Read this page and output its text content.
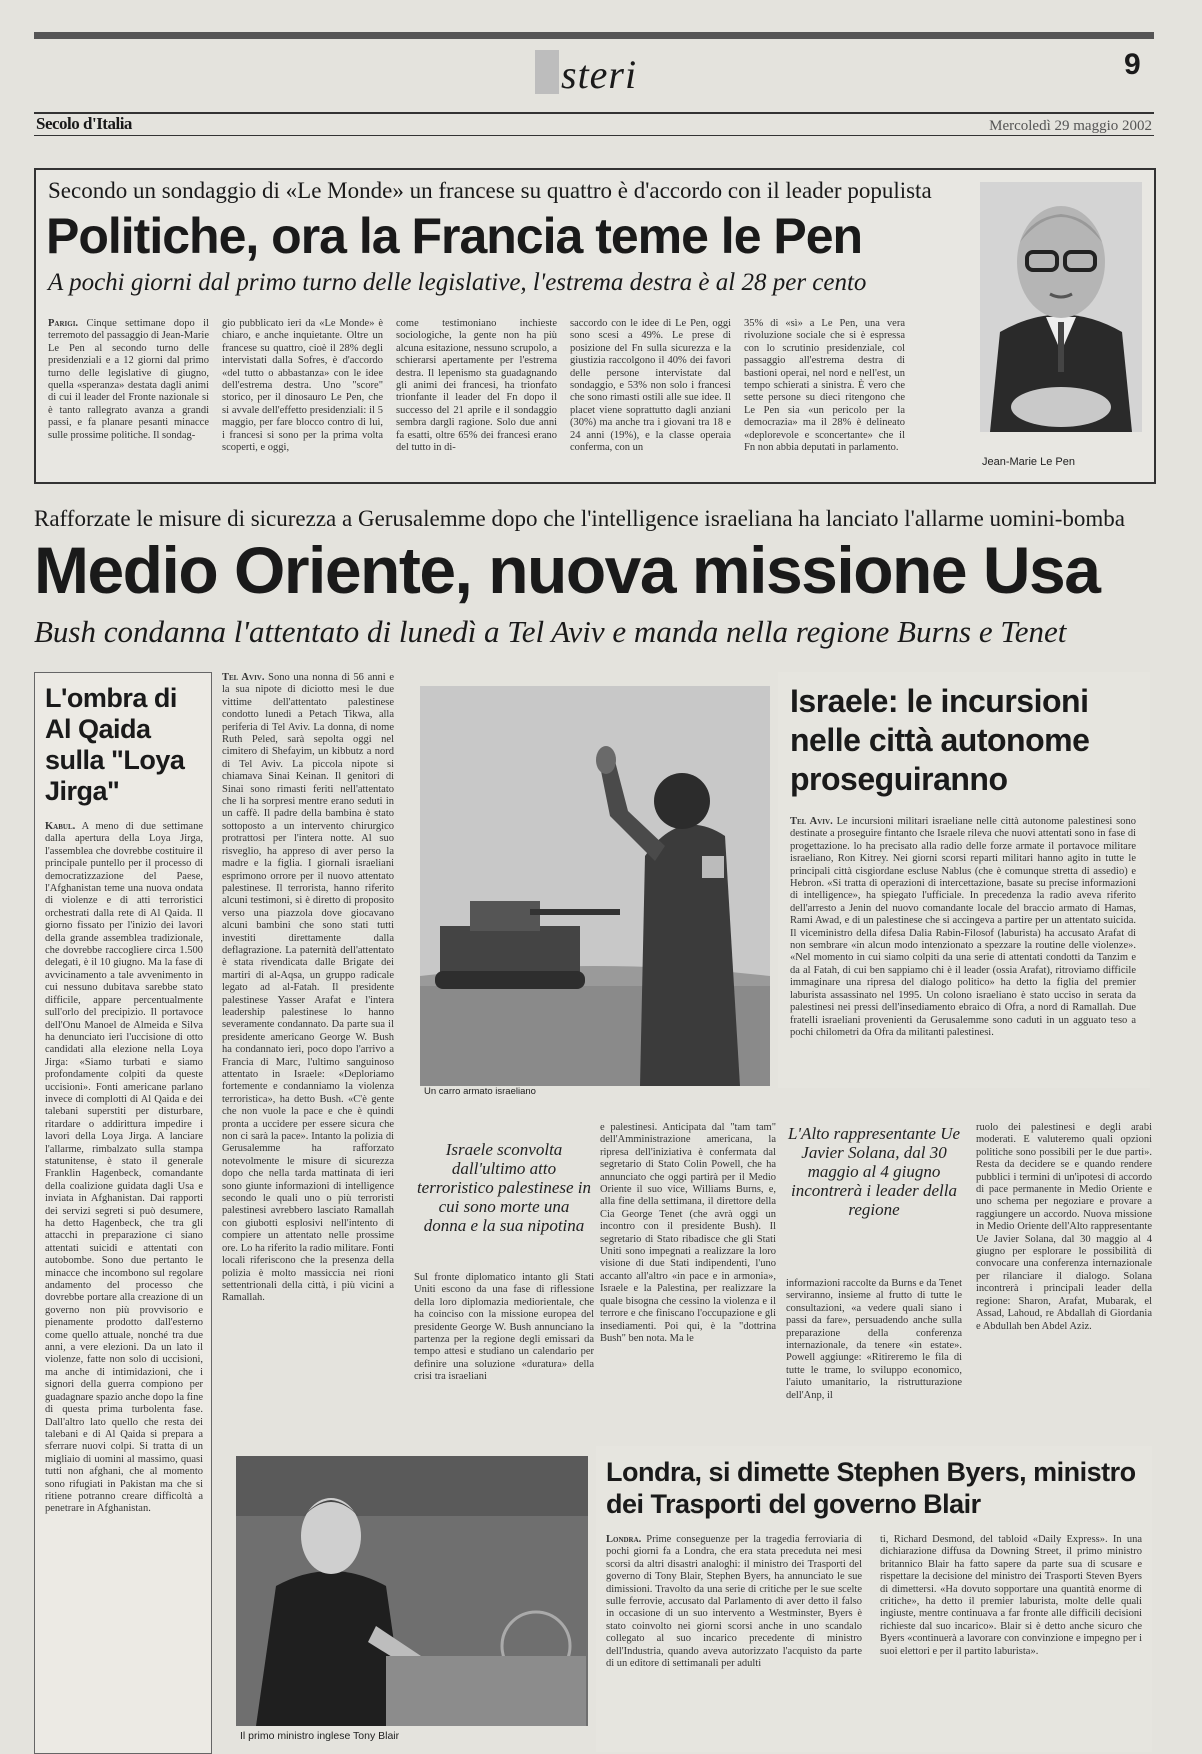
steri	9
Secolo d'Italia	Mercoledì 29 maggio 2002
Secondo un sondaggio di «Le Monde» un francese su quattro è d'accordo con il leader populista
Politiche, ora la Francia teme le Pen
A pochi giorni dal primo turno delle legislative, l'estrema destra è al 28 per cento
Parigi. Cinque settimane dopo il terremoto del passaggio di Jean-Marie Le Pen al secondo turno delle presidenziali e a 12 giorni dal primo turno delle legislative di giugno, quella «speranza» destata dagli animi di cui il leader del Fronte nazionale si è tanto rallegrato avanza a grandi passi, e fa planare pesanti minacce sulle prossime politiche. Il sondag-
gio pubblicato ieri da «Le Monde» è chiaro, e anche inquietante. Oltre un francese su quattro, cioè il 28% degli intervistati dalla Sofres, è d'accordo «del tutto o abbastanza» con le idee dell'estrema destra. Uno "score" storico, per il dinosauro Le Pen, che si avvale dell'effetto presidenziali: il 5 maggio, per fare blocco contro di lui, i francesi si sono per la prima volta scoperti, e oggi,
come testimoniano inchieste sociologiche, la gente non ha più alcuna esitazione, nessuno scrupolo, a schierarsi apertamente per l'estrema destra. Il lepenismo sta guadagnando gli animi dei francesi, ha trionfato trionfante il leader del Fn dopo il successo del 21 aprile e il sondaggio sembra dargli ragione. Solo due anni fa esatti, oltre 65% dei francesi erano del tutto in di-
saccordo con le idee di Le Pen, oggi sono scesi a 49%. Le prese di posizione del Fn sulla sicurezza e la giustizia raccolgono il 40% dei favori delle persone intervistate dal sondaggio, e 53% non solo i francesi che sono rimasti ostili alle sue idee. Il placet viene soprattutto dagli anziani (30%) ma anche tra i giovani tra 18 e 24 anni (19%), e la classe operaia conferma, con un
35% di «sì» a Le Pen, una vera rivoluzione sociale che si è espressa con lo scrutinio presidenziale, col passaggio all'estrema destra di bastioni operai, nel nord e nell'est, un tempo schierati a sinistra. È vero che sette persone su dieci ritengono che Le Pen sia «un pericolo per la democrazia» ma il 28% è delineato «deplorevole e sconcertante» che il Fn non abbia deputati in parlamento.
Jean-Marie Le Pen
Rafforzate le misure di sicurezza a Gerusalemme dopo che l'intelligence israeliana ha lanciato l'allarme uomini-bomba
Medio Oriente, nuova missione Usa
Bush condanna l'attentato di lunedì a Tel Aviv e manda nella regione Burns e Tenet
L'ombra di Al Qaida sulla "Loya Jirga"
Kabul. A meno di due settimane dalla apertura della Loya Jirga, l'assemblea che dovrebbe costituire il principale puntello per il processo di democratizzazione del Paese, l'Afghanistan teme una nuova ondata di violenze e di atti terroristici orchestrati dalla rete di Al Qaida. Il giorno fissato per l'inizio dei lavori della grande assemblea tradizionale, che dovrebbe raccogliere circa 1.500 delegati, è il 10 giugno. Ma la fase di avvicinamento a tale avvenimento in cui nessuno dubitava sarebbe stato difficile, appare percentualmente sull'orlo del precipizio. Il portavoce dell'Onu Manoel de Almeida e Silva ha denunciato ieri l'uccisione di otto candidati alla elezione nella Loya Jirga: «Siamo turbati e siamo profondamente colpiti da queste uccisioni». Fonti americane parlano invece di complotti di Al Qaida e dei talebani superstiti per disturbare, ritardare o addirittura impedire i lavori della Loya Jirga. A lanciare l'allarme, rimbalzato sulla stampa statunitense, è stato il generale Franklin Hagenbeck, comandante della coalizione guidata dagli Usa e inviata in Afghanistan. Dai rapporti dei servizi segreti si può desumere, ha detto Hagenbeck, che tra gli attacchi in preparazione ci siano attentati suicidi e attentati con autobombe. Sono due pertanto le minacce che incombono sul regolare andamento del processo che dovrebbe portare alla creazione di un governo non più provvisorio e pienamente prodotto dall'esterno come quello attuale, nonché tra due anni, a vere elezioni. Da un lato il violenze, fatte non solo di uccisioni, ma anche di intimidazioni, che i signori della guerra compiono per guadagnare spazio anche dopo la fine di questa prima turbolenta fase. Dall'altro lato quello che resta dei talebani e di Al Qaida si prepara a sferrare nuovi colpi. Si tratta di un migliaio di uomini al massimo, quasi tutti non afghani, che al momento sono rifugiati in Pakistan ma che si ritiene potranno creare difficoltà a penetrare in Afghanistan.
Tel Aviv. Sono una nonna di 56 anni e la sua nipote di diciotto mesi le due vittime dell'attentato palestinese condotto lunedì a Petach Tikwa, alla periferia di Tel Aviv. La donna, di nome Ruth Peled, sarà sepolta oggi nel cimitero di Shefayim, un kibbutz a nord di Tel Aviv. La piccola nipote si chiamava Sinai Keinan. Il genitori di Sinai sono rimasti feriti nell'attentato che li ha sorpresi mentre erano seduti in un caffè. Il padre della bambina è stato sottoposto a un intervento chirurgico protrattosi per l'intera notte. Al suo risveglio, ha appreso di aver perso la madre e la figlia. I giornali israeliani esprimono orrore per il nuovo attentato palestinese. Il terrorista, hanno riferito alcuni testimoni, si è diretto di proposito verso una piazzola dove giocavano alcuni bambini che sono stati tutti investiti direttamente dalla deflagrazione. La paternità dell'attentato è stata rivendicata dalle Brigate dei martiri di al-Aqsa, un gruppo radicale legato ad al-Fatah. Il presidente palestinese Yasser Arafat e l'intera leadership palestinese lo hanno severamente condannato. Da parte sua il presidente americano George W. Bush ha condannato ieri, poco dopo l'arrivo a Francia di Marc, l'ultimo sanguinoso attentato in Israele: «Deploriamo fortemente e condanniamo la violenza terroristica», ha detto Bush. «C'è gente che non vuole la pace e che è quindi pronta a uccidere per essere sicura che non ci sarà la pace». Intanto la polizia di Gerusalemme ha rafforzato notevolmente le misure di sicurezza dopo che nella tarda mattinata di ieri sono giunte informazioni di intelligence secondo le quali uno o più terroristi palestinesi avrebbero lasciato Ramallah con giubotti esplosivi nell'intento di compiere un attentato nelle prossime ore. Lo ha riferito la radio militare. Fonti locali riferiscono che la presenza della polizia è molto massiccia nei rioni settentrionali della città, i più vicini a Ramallah.
Un carro armato israeliano
Israele: le incursioni nelle città autonome proseguiranno
Tel Aviv. Le incursioni militari israeliane nelle città autonome palestinesi sono destinate a proseguire fintanto che Israele rileva che nuovi attentati sono in fase di progettazione. lo ha precisato alla radio delle forze armate il portavoce militare israeliano, Ron Kitrey. Nei giorni scorsi reparti militari hanno agito in tutte le principali città cisgiordane escluse Nablus (che è comunque stretta di assedio) e Hebron. «Si tratta di operazioni di intercettazione, basate su precise informazioni di intelligence», ha spiegato l'ufficiale. In precedenza la radio aveva riferito dell'arresto a Jenin del nuovo comandante locale del braccio armato di Hamas, Rami Awad, e di un palestinese che si accingeva a partire per un attentato suicida. Il viceministro della difesa Dalia Rabin-Filosof (laburista) ha accusato Arafat di non sembrare «in alcun modo intenzionato a spezzare la routine delle violenze». «Nel momento in cui siamo colpiti da una serie di attentati condotti da Tanzim e da al Fatah, di cui ben sappiamo chi è il leader (ossia Arafat), ritroviamo difficile immaginare una ripresa del dialogo politico» ha detto la figlia del premier laburista assassinato nel 1995. Un colono israeliano è stato ucciso in serata da palestinesi nei pressi dell'insediamento ebraico di Ofra, a nord di Ramallah. Due fratelli israeliani provenienti da Gerusalemme sono caduti in un agguato teso a pochi chilometri da Ofra da militanti palestinesi.
Israele sconvolta dall'ultimo atto terroristico palestinese in cui sono morte una donna e la sua nipotina
Sul fronte diplomatico intanto gli Stati Uniti escono da una fase di riflessione della loro diplomazia mediorientale, che ha coinciso con la missione europea del presidente George W. Bush annunciano la partenza per la regione degli emissari da tempo attesi e studiano un calendario per definire una soluzione «duratura» della crisi tra israeliani
e palestinesi. Anticipata dal "tam tam" dell'Amministrazione americana, la ripresa dell'iniziativa è confermata dal segretario di Stato Colin Powell, che ha annunciato che oggi partirà per il Medio Oriente il suo vice, Williams Burns, e, alla fine della settimana, il direttore della Cia George Tenet (che avrà oggi un incontro con il presidente Bush). Il segretario di Stato ribadisce che gli Stati Uniti sono impegnati a realizzare la loro visione di due Stati indipendenti, l'uno accanto all'altro «in pace e in armonia», Israele e la Palestina, per realizzare la quale bisogna che cessino la violenza e il terrore e che finiscano l'occupazione e gli insediamenti. Poi qui, è la "dottrina Bush" ben nota. Ma le
L'Alto rappresentante Ue Javier Solana, dal 30 maggio al 4 giugno incontrerà i leader della regione
informazioni raccolte da Burns e da Tenet serviranno, insieme al frutto di tutte le consultazioni, «a vedere quali siano i passi da fare», persuadendo anche sulla preparazione della conferenza internazionale, da tenere «in estate». Powell aggiunge: «Ritireremo le fila di tutte le trame, lo sviluppo economico, l'aiuto umanitario, la ristrutturazione dell'Anp, il
ruolo dei palestinesi e degli arabi moderati. E valuteremo quali opzioni politiche sono possibili per le due parti». Resta da decidere se e quando rendere pubblici i termini di un'ipotesi di accordo di pace permanente in Medio Oriente e uno schema per negoziare e provare a raggiungere un accordo. Nuova missione in Medio Oriente dell'Alto rappresentante Ue Javier Solana, dal 30 maggio al 4 giugno per esplorare le possibilità di convocare una conferenza internazionale per rilanciare il dialogo. Solana incontrerà i principali leader della regione: Sharon, Arafat, Mubarak, el Assad, Lahoud, re Abdallah di Giordania e Abdullah ben Abdel Aziz.
Il primo ministro inglese Tony Blair
Londra, si dimette Stephen Byers, ministro dei Trasporti del governo Blair
Londra. Prime conseguenze per la tragedia ferroviaria di pochi giorni fa a Londra, che era stata preceduta nei mesi scorsi da altri disastri analoghi: il ministro dei Trasporti del governo di Tony Blair, Stephen Byers, ha annunciato le sue dimissioni. Travolto da una serie di critiche per le sue scelte sulle ferrovie, accusato dal Parlamento di aver detto il falso in occasione di un suo intervento a Westminster, Byers è stato coinvolto nei giorni scorsi anche in uno scandalo collegato al suo incarico precedente di ministro dell'Industria, quando aveva autorizzato l'acquisto da parte di un editore di settimanali per adulti
ti, Richard Desmond, del tabloid «Daily Express». In una dichiarazione diffusa da Downing Street, il primo ministro britannico Blair ha fatto sapere da parte sua di scusare e rispettare la decisione del ministro dei Trasporti Steven Byers di dimettersi. «Ha dovuto sopportare una quantità enorme di critiche», ha detto il premier laburista, molte delle quali ingiuste, mentre continuava a far fronte alle difficili decisioni richieste dal suo incarico». Blair si è detto anche sicuro che Byers «continuerà a lavorare con convinzione e impegno per i suoi elettori e per il partito laburista».
